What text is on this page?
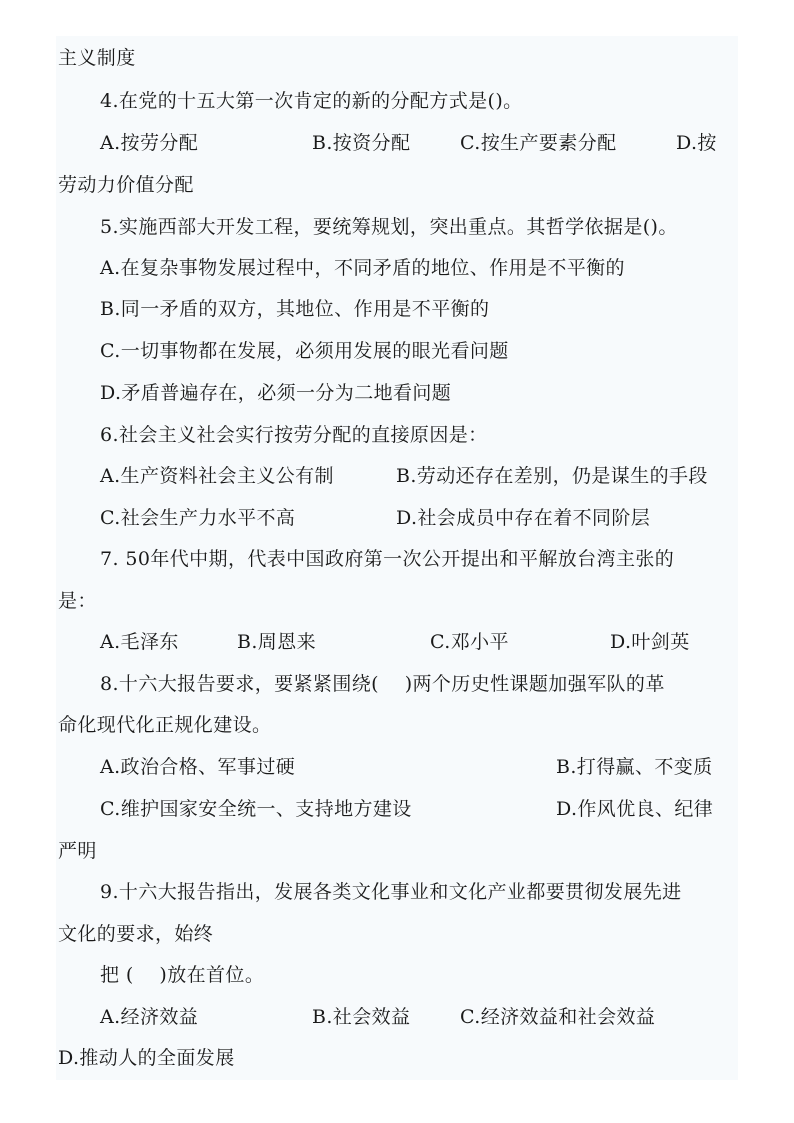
主义制度
4.在党的十五大第一次肯定的新的分配方式是()。
A.按劳分配	B.按资分配	C.按生产要素分配	D.按
劳动力价值分配
5.实施西部大开发工程，要统筹规划，突出重点。其哲学依据是()。
A.在复杂事物发展过程中，不同矛盾的地位、作用是不平衡的
B.同一矛盾的双方，其地位、作用是不平衡的
C.一切事物都在发展，必须用发展的眼光看问题
D.矛盾普遍存在，必须一分为二地看问题
6.社会主义社会实行按劳分配的直接原因是：
A.生产资料社会主义公有制	B.劳动还存在差别，仍是谋生的手段
C.社会生产力水平不高	D.社会成员中存在着不同阶层
7. 50年代中期，代表中国政府第一次公开提出和平解放台湾主张的
是：
A.毛泽东	B.周恩来	C.邓小平	D.叶剑英
8.十六大报告要求，要紧紧围绕(    )两个历史性课题加强军队的革
命化现代化正规化建设。
A.政治合格、军事过硬	B.打得赢、不变质
C.维护国家安全统一、支持地方建设	D.作风优良、纪律
严明
9.十六大报告指出，发展各类文化事业和文化产业都要贯彻发展先进
文化的要求，始终
把 (    )放在首位。
A.经济效益	B.社会效益	C.经济效益和社会效益
D.推动人的全面发展
